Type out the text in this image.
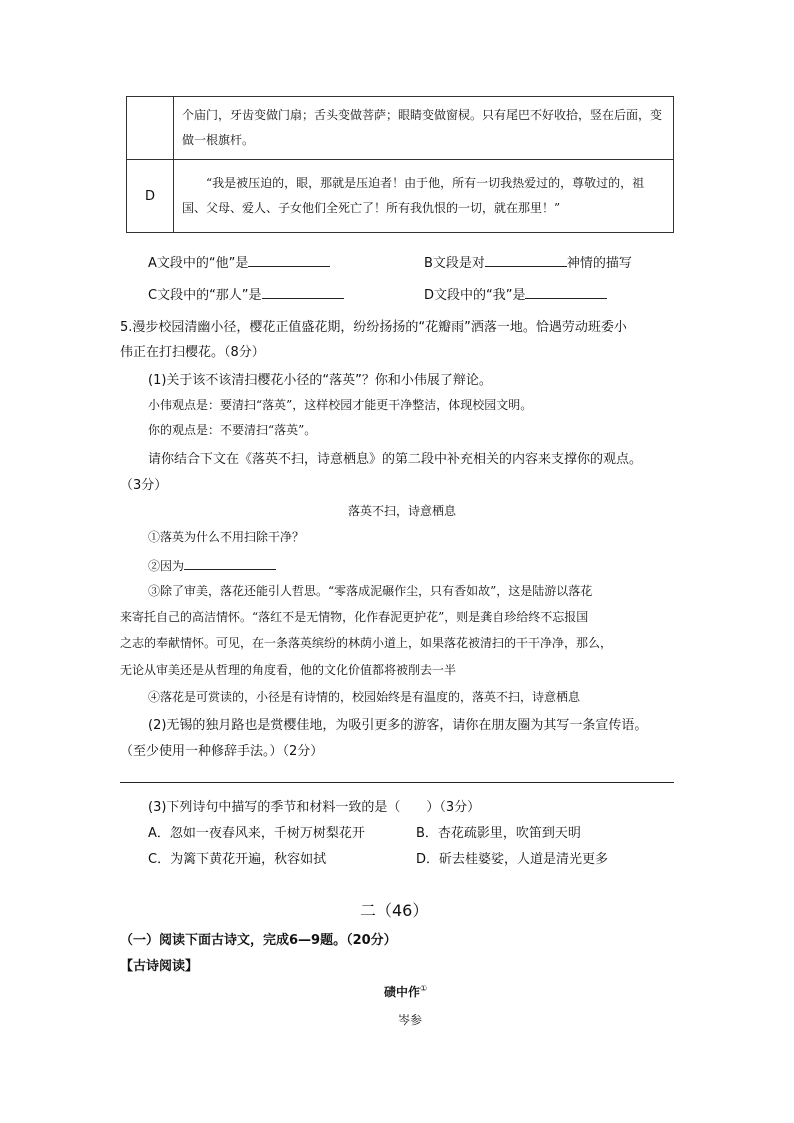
	个庙门，牙齿变做门扇；舌头变做菩萨；眼睛变做窗棂。只有尾巴不好收拾，竖在后面，变做一根旗杆。
D	“我是被压迫的，眼，那就是压迫者！由于他，所有一切我热爱过的，尊敬过的，祖国、父母、爱人、子女他们全死亡了！所有我仇恨的一切，就在那里！”
A文段中的“他”是	B文段是对	神情的描写
C文段中的“那人”是	D文段中的“我”是
5.漫步校园清幽小径，樱花正值盛花期，纷纷扬扬的“花瓣雨”洒落一地。恰遇劳动班委小
伟正在打扫樱花。（8分）
(1)关于该不该清扫樱花小径的“落英”？你和小伟展了辩论。
小伟观点是：要清扫“落英”，这样校园才能更干净整洁，体现校园文明。
你的观点是：不要清扫“落英”。
请你结合下文在《落英不扫，诗意栖息》的第二段中补充相关的内容来支撑你的观点。
（3分）
落英不扫，诗意栖息
①落英为什么不用扫除干净？
②因为
③除了审美，落花还能引人哲思。“零落成泥碾作尘，只有香如故”，这是陆游以落花
来寄托自己的高洁情怀。“落红不是无情物，化作春泥更护花”，则是龚自珍给终不忘报国
之志的奉献情怀。可见，在一条落英缤纷的林荫小道上，如果落花被清扫的干干净净，那么，
无论从审美还是从哲理的角度看，他的文化价值都将被削去一半
④落花是可赏读的，小径是有诗情的，校园始终是有温度的，落英不扫，诗意栖息
(2)无锡的独月路也是赏樱佳地，为吸引更多的游客，请你在朋友圈为其写一条宣传语。
（至少使用一种修辞手法。）（2分）
(3)下列诗句中描写的季节和材料一致的是（　　）（3分）
A．忽如一夜春风来，千树万树梨花开	B．杏花疏影里，吹笛到天明
C．为篱下黄花开遍，秋容如拭	D．斫去桂婆娑，人道是清光更多
二（46）
（一）阅读下面古诗文，完成6—9题。（20分）
【古诗阅读】
碛中作①
岑参
